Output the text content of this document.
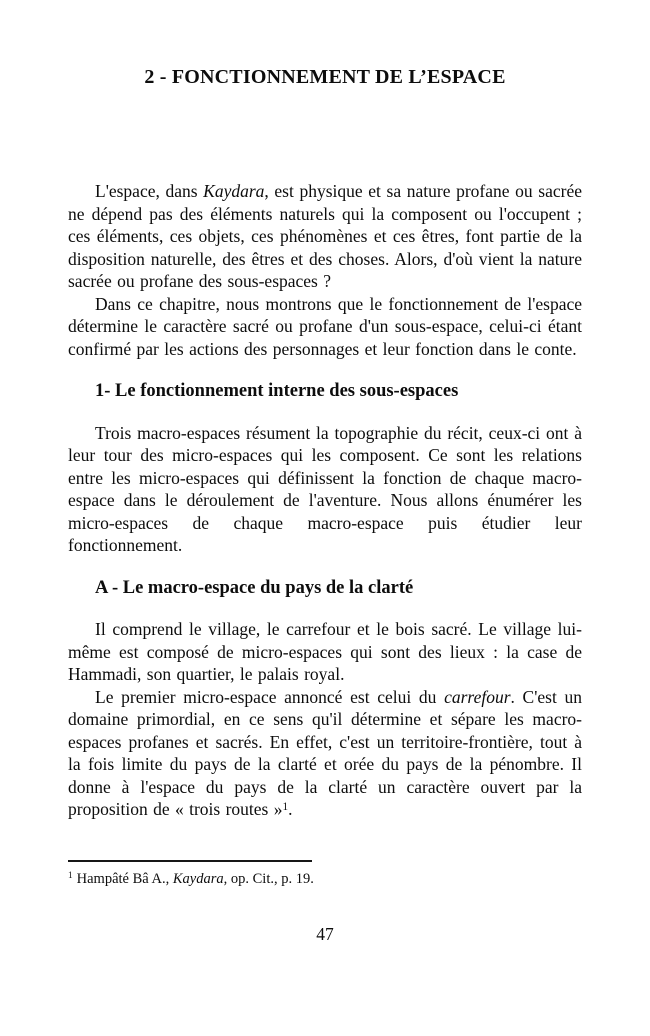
2 - FONCTIONNEMENT DE L’ESPACE

L'espace, dans Kaydara, est physique et sa nature profane ou sacrée ne dépend pas des éléments naturels qui la composent ou l'occupent ; ces éléments, ces objets, ces phénomènes et ces êtres, font partie de la disposition naturelle, des êtres et des choses. Alors, d'où vient la nature sacrée ou profane des sous-espaces ?

Dans ce chapitre, nous montrons que le fonctionnement de l'espace détermine le caractère sacré ou profane d'un sous-espace, celui-ci étant confirmé par les actions des personnages et leur fonction dans le conte.

1- Le fonctionnement interne des sous-espaces

Trois macro-espaces résument la topographie du récit, ceux-ci ont à leur tour des micro-espaces qui les composent. Ce sont les relations entre les micro-espaces qui définissent la fonction de chaque macro-espace dans le déroulement de l'aventure. Nous allons énumérer les micro-espaces de chaque macro-espace puis étudier leur fonctionnement.

A - Le macro-espace du pays de la clarté

Il comprend le village, le carrefour et le bois sacré. Le village lui-même est composé de micro-espaces qui sont des lieux : la case de Hammadi, son quartier, le palais royal.

Le premier micro-espace annoncé est celui du carrefour. C'est un domaine primordial, en ce sens qu'il détermine et sépare les macro-espaces profanes et sacrés. En effet, c'est un territoire-frontière, tout à la fois limite du pays de la clarté et orée du pays de la pénombre. Il donne à l'espace du pays de la clarté un caractère ouvert par la proposition de « trois routes »$^1$.

$^1$ Hampâté Bâ A., Kaydara, op. Cit., p. 19.

47
